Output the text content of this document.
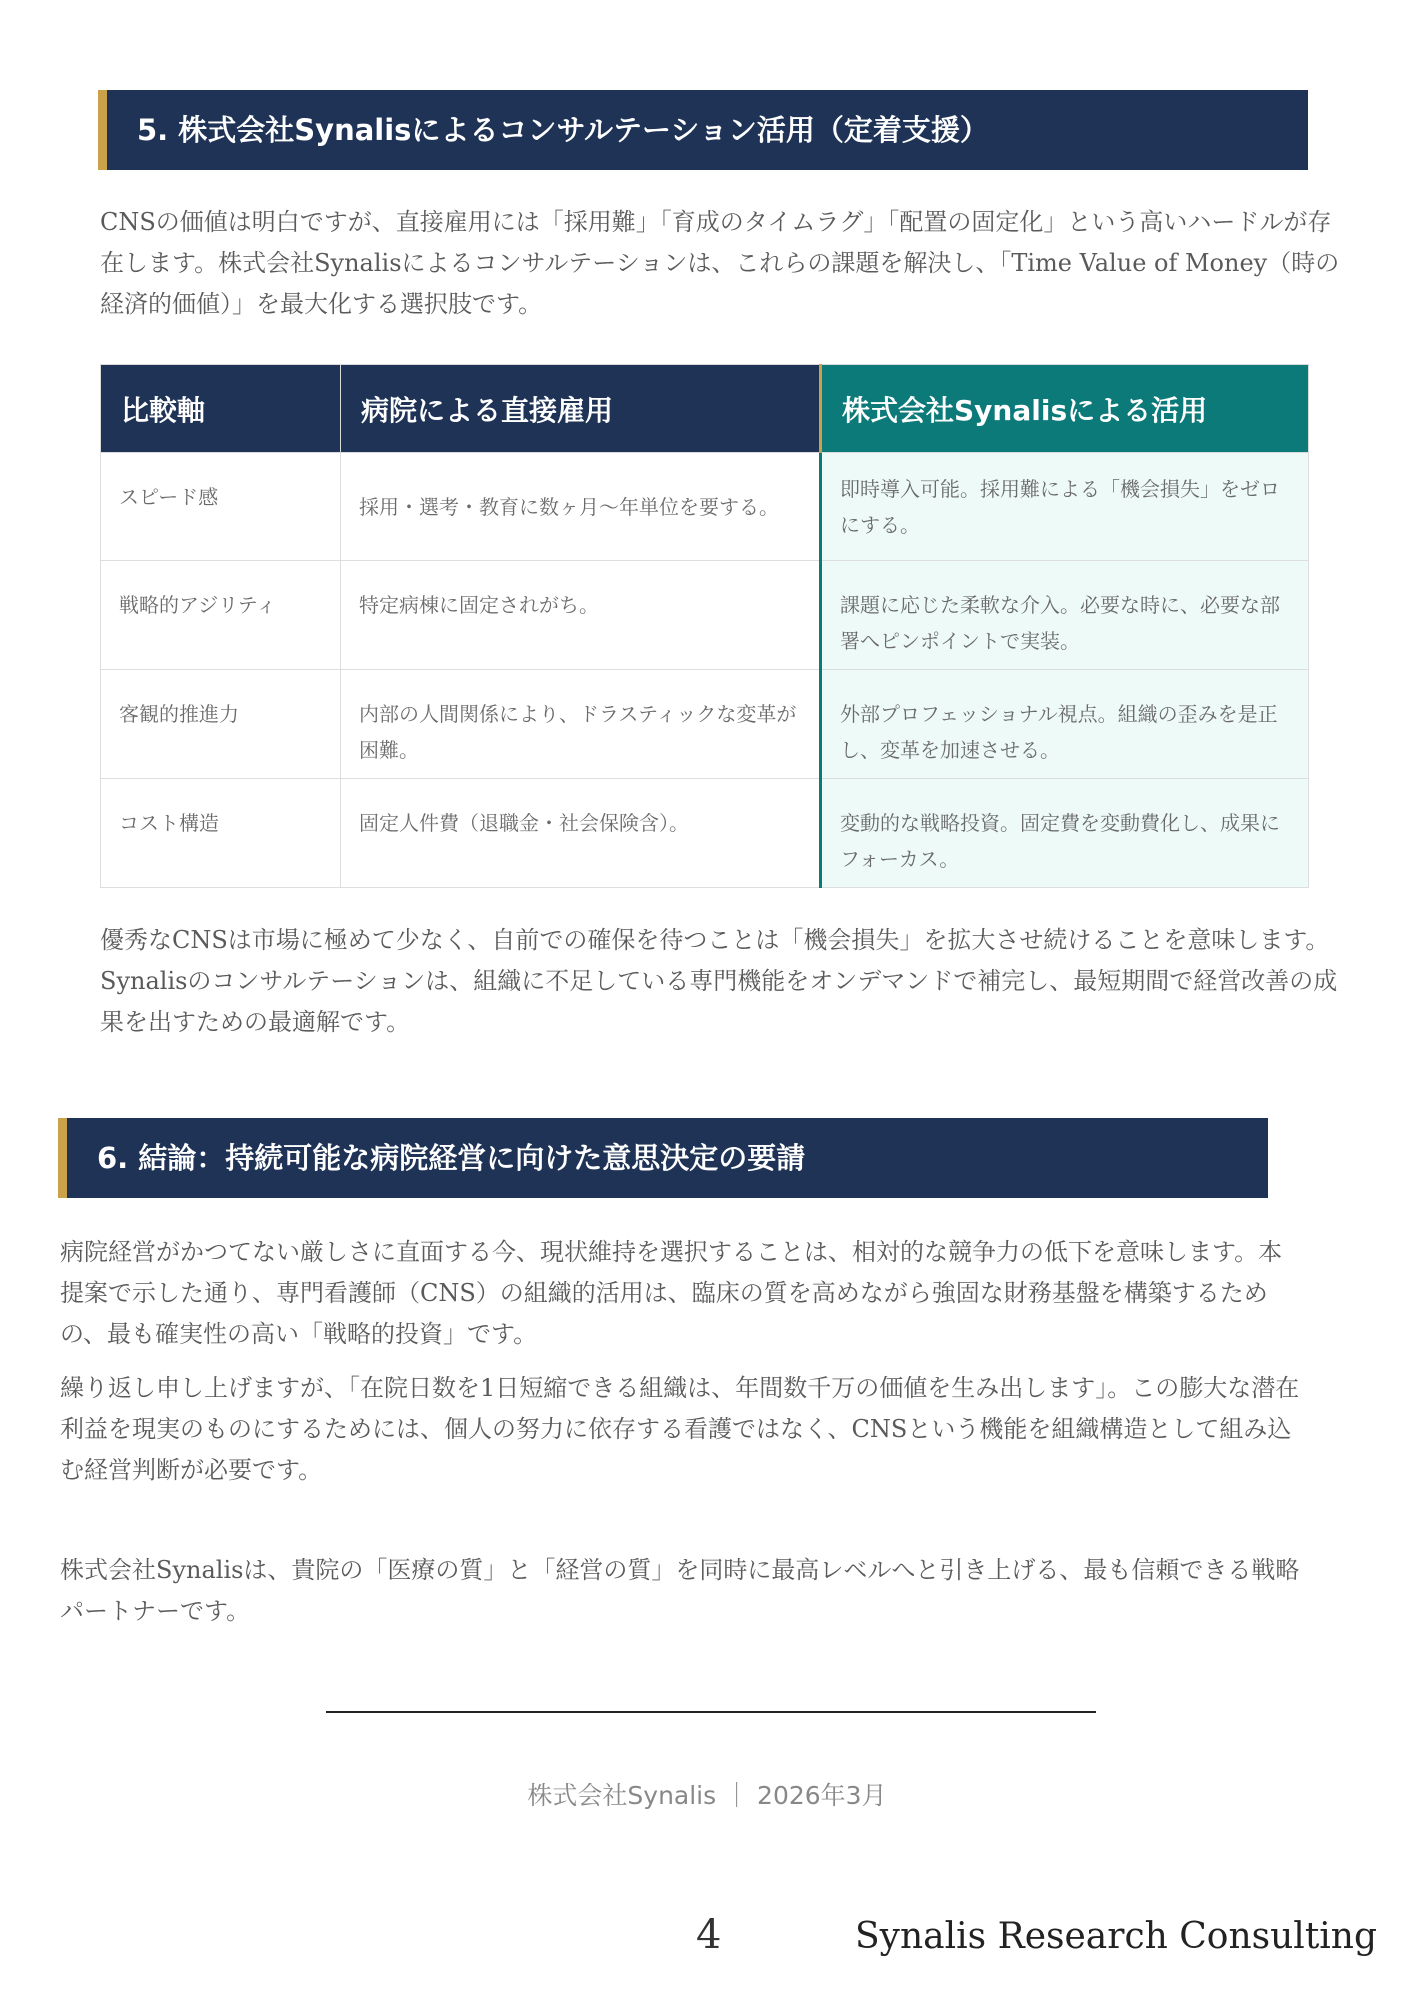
5. 株式会社Synalisによるコンサルテーション活用（定着支援）

CNSの価値は明白ですが、直接雇用には「採用難」「育成のタイムラグ」「配置の固定化」という高いハードルが存在します。株式会社Synalisによるコンサルテーションは、これらの課題を解決し、「Time Value of Money（時の経済的価値）」を最大化する選択肢です。

比較軸	病院による直接雇用	株式会社Synalisによる活用
スピード感	採用・選考・教育に数ヶ月〜年単位を要する。	即時導入可能。採用難による「機会損失」をゼロにする。
戦略的アジリティ	特定病棟に固定されがち。	課題に応じた柔軟な介入。必要な時に、必要な部署へピンポイントで実装。
客観的推進力	内部の人間関係により、ドラスティックな変革が困難。	外部プロフェッショナル視点。組織の歪みを是正し、変革を加速させる。
コスト構造	固定人件費（退職金・社会保険含）。	変動的な戦略投資。固定費を変動費化し、成果にフォーカス。

優秀なCNSは市場に極めて少なく、自前での確保を待つことは「機会損失」を拡大させ続けることを意味します。Synalisのコンサルテーションは、組織に不足している専門機能をオンデマンドで補完し、最短期間で経営改善の成果を出すための最適解です。

6. 結論：持続可能な病院経営に向けた意思決定の要請

病院経営がかつてない厳しさに直面する今、現状維持を選択することは、相対的な競争力の低下を意味します。本提案で示した通り、専門看護師（CNS）の組織的活用は、臨床の質を高めながら強固な財務基盤を構築するための、最も確実性の高い「戦略的投資」です。

繰り返し申し上げますが、「在院日数を1日短縮できる組織は、年間数千万の価値を生み出します」。この膨大な潜在利益を現実のものにするためには、個人の努力に依存する看護ではなく、CNSという機能を組織構造として組み込む経営判断が必要です。

株式会社Synalisは、貴院の「医療の質」と「経営の質」を同時に最高レベルへと引き上げる、最も信頼できる戦略パートナーです。

株式会社Synalis ｜ 2026年3月
4	Synalis Research Consulting
